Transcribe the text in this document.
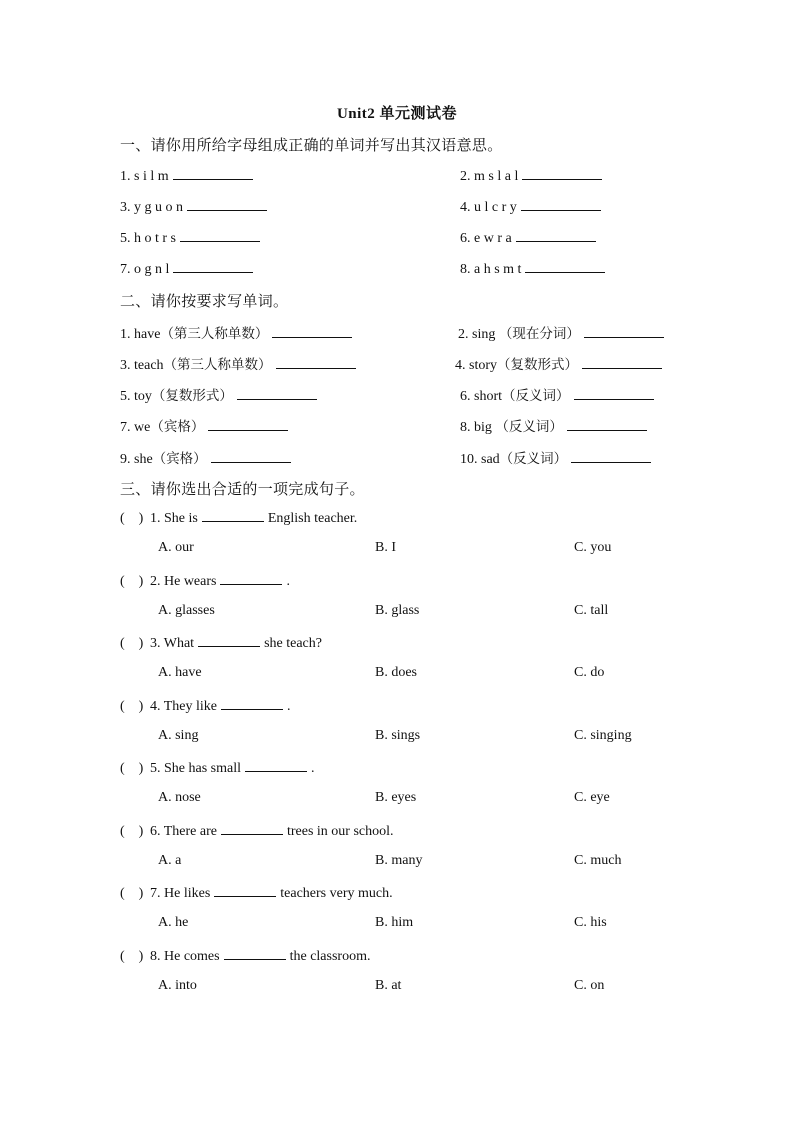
Unit2 单元测试卷
一、请你用所给字母组成正确的单词并写出其汉语意思。
1. s i l m	2. m s l a l
3. y g u o n	4. u l c r y
5. h o t r s	6. e w r a
7. o g n l	8. a h s m t
二、请你按要求写单词。
1. have（第三人称单数）	2. sing （现在分词）
3. teach（第三人称单数）	4. story（复数形式）
5. toy（复数形式）	6. short（反义词）
7. we（宾格）	8. big （反义词）
9. she（宾格）	10. sad（反义词）
三、请你选出合适的一项完成句子。
(    ) 1. She is	English teacher.
A. our	B. I	C. you
(    ) 2. He wears	.
A. glasses	B. glass	C. tall
(    ) 3. What	she teach?
A. have	B. does	C. do
(    ) 4. They like	.
A. sing	B. sings	C. singing
(    ) 5. She has small	.
A. nose	B. eyes	C. eye
(    ) 6. There are	trees in our school.
A. a	B. many	C. much
(    ) 7. He likes	teachers very much.
A. he	B. him	C. his
(    ) 8. He comes	the classroom.
A. into	B. at	C. on
